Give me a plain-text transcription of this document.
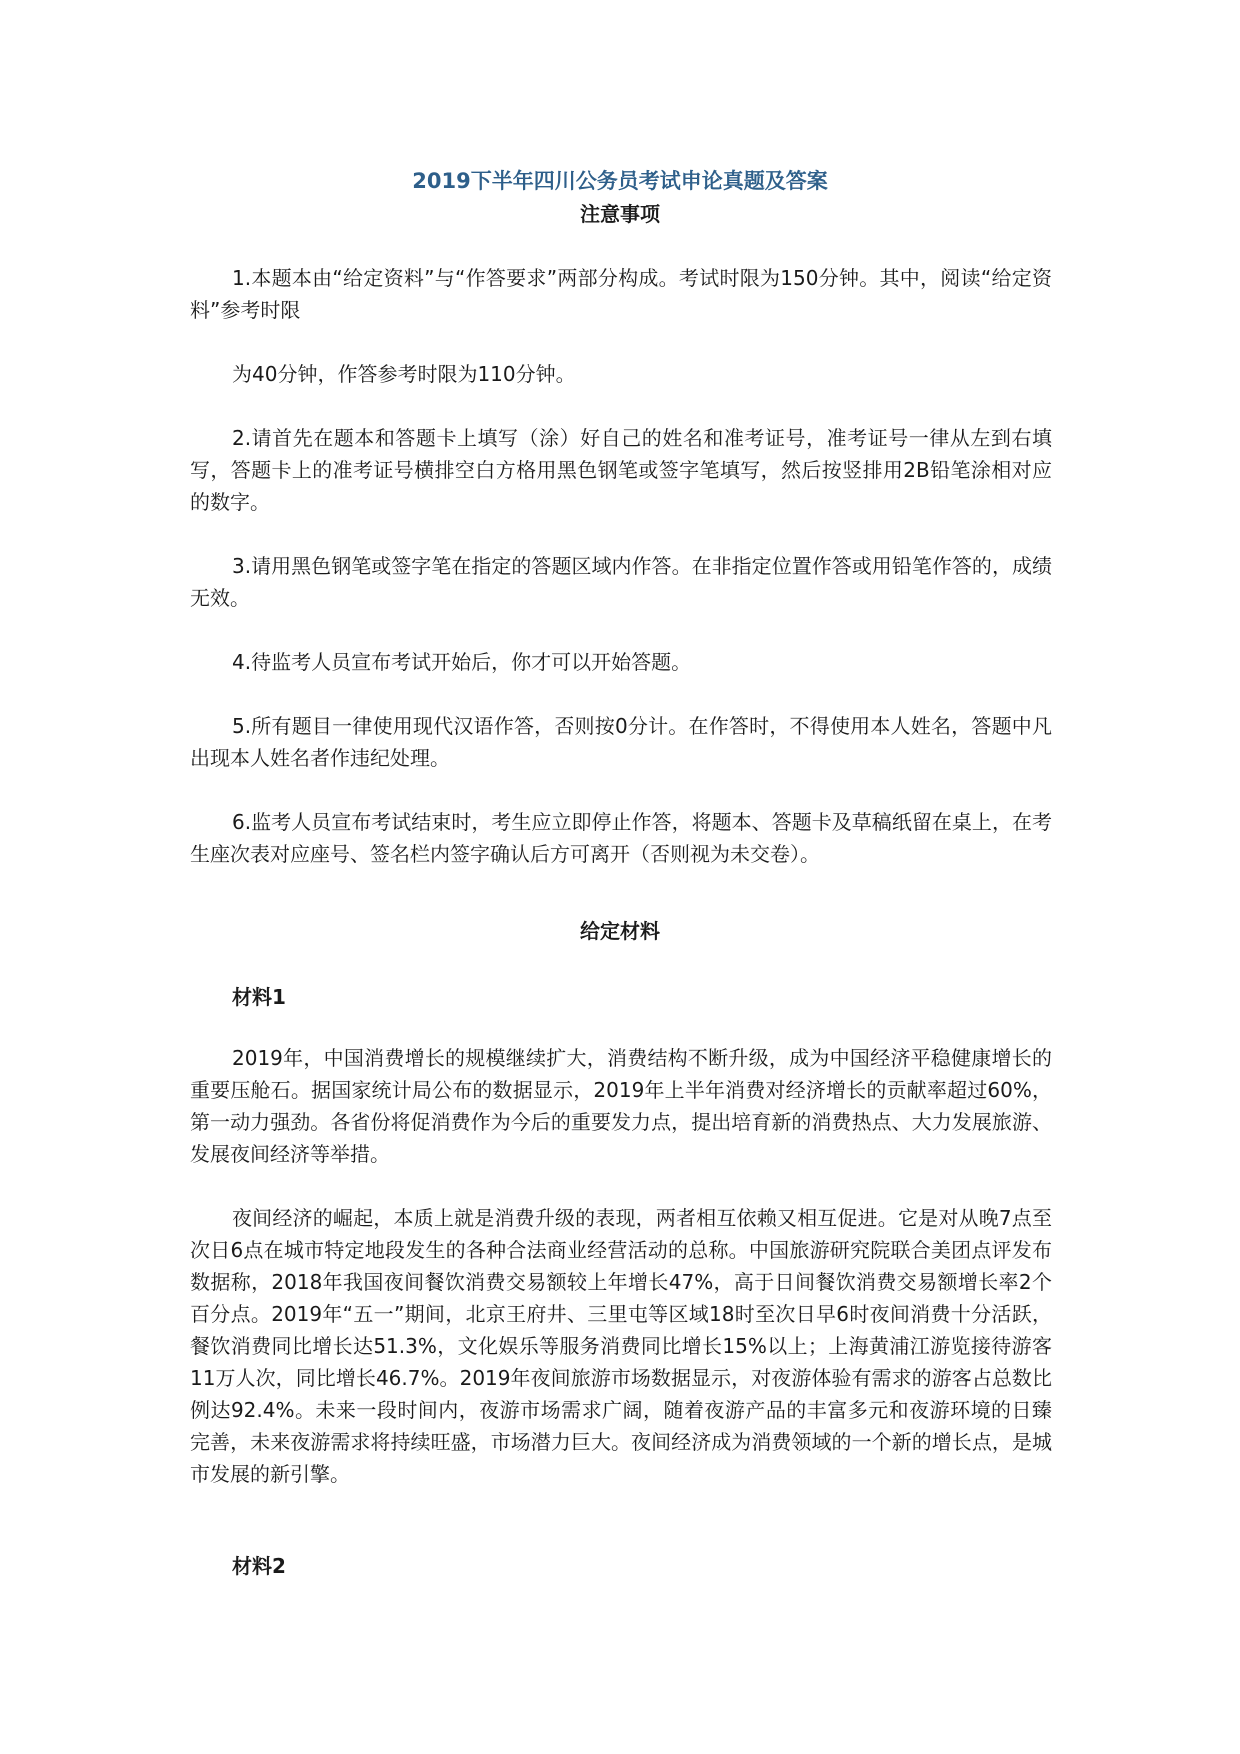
2019下半年四川公务员考试申论真题及答案
注意事项

1.本题本由“给定资料”与“作答要求”两部分构成。考试时限为150分钟。其中，阅读“给定资料”参考时限

为40分钟，作答参考时限为110分钟。

2.请首先在题本和答题卡上填写（涂）好自己的姓名和准考证号，准考证号一律从左到右填写，答题卡上的准考证号横排空白方格用黑色钢笔或签字笔填写，然后按竖排用2B铅笔涂相对应的数字。

3.请用黑色钢笔或签字笔在指定的答题区域内作答。在非指定位置作答或用铅笔作答的，成绩无效。

4.待监考人员宣布考试开始后，你才可以开始答题。

5.所有题目一律使用现代汉语作答，否则按0分计。在作答时，不得使用本人姓名，答题中凡出现本人姓名者作违纪处理。

6.监考人员宣布考试结束时，考生应立即停止作答，将题本、答题卡及草稿纸留在桌上，在考生座次表对应座号、签名栏内签字确认后方可离开（否则视为未交卷）。

给定材料
材料1

2019年，中国消费增长的规模继续扩大，消费结构不断升级，成为中国经济平稳健康增长的重要压舱石。据国家统计局公布的数据显示，2019年上半年消费对经济增长的贡献率超过60%，第一动力强劲。各省份将促消费作为今后的重要发力点，提出培育新的消费热点、大力发展旅游、发展夜间经济等举措。

夜间经济的崛起，本质上就是消费升级的表现，两者相互依赖又相互促进。它是对从晚7点至次日6点在城市特定地段发生的各种合法商业经营活动的总称。中国旅游研究院联合美团点评发布数据称，2018年我国夜间餐饮消费交易额较上年增长47%，高于日间餐饮消费交易额增长率2个百分点。2019年“五一”期间，北京王府井、三里屯等区域18时至次日早6时夜间消费十分活跃，餐饮消费同比增长达51.3%，文化娱乐等服务消费同比增长15%以上；上海黄浦江游览接待游客11万人次，同比增长46.7%。2019年夜间旅游市场数据显示，对夜游体验有需求的游客占总数比例达92.4%。未来一段时间内，夜游市场需求广阔，随着夜游产品的丰富多元和夜游环境的日臻完善，未来夜游需求将持续旺盛，市场潜力巨大。夜间经济成为消费领域的一个新的增长点，是城市发展的新引擎。

材料2
